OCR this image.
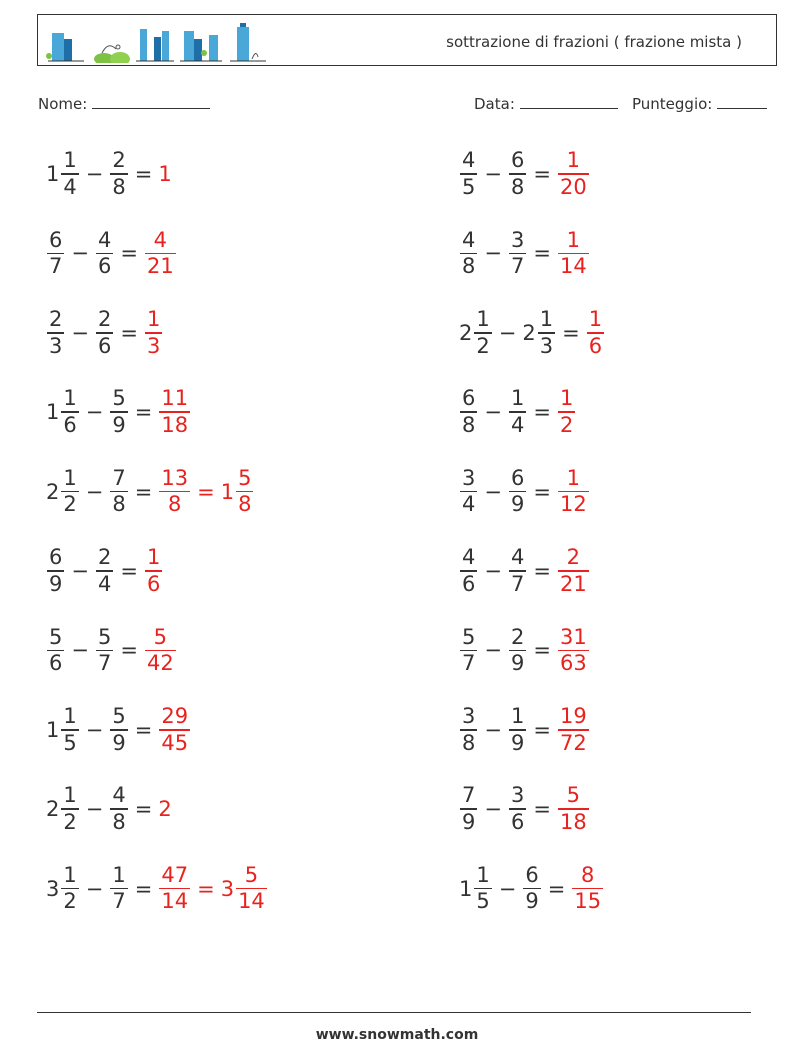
sottrazione di frazioni ( frazione mista )
Nome:	Data:	Punteggio:
$1 \frac{1}{4} - \frac{2}{8} = 1$	$\frac{4}{5} - \frac{6}{8} = \frac{1}{20}$
$\frac{6}{7} - \frac{4}{6} = \frac{4}{21}$	$\frac{4}{8} - \frac{3}{7} = \frac{1}{14}$
$\frac{2}{3} - \frac{2}{6} = \frac{1}{3}$	$2 \frac{1}{2} - 2 \frac{1}{3} = \frac{1}{6}$
$1 \frac{1}{6} - \frac{5}{9} = \frac{11}{18}$	$\frac{6}{8} - \frac{1}{4} = \frac{1}{2}$
$2 \frac{1}{2} - \frac{7}{8} = \frac{13}{8} = 1 \frac{5}{8}$	$\frac{3}{4} - \frac{6}{9} = \frac{1}{12}$
$\frac{6}{9} - \frac{2}{4} = \frac{1}{6}$	$\frac{4}{6} - \frac{4}{7} = \frac{2}{21}$
$\frac{5}{6} - \frac{5}{7} = \frac{5}{42}$	$\frac{5}{7} - \frac{2}{9} = \frac{31}{63}$
$1 \frac{1}{5} - \frac{5}{9} = \frac{29}{45}$	$\frac{3}{8} - \frac{1}{9} = \frac{19}{72}$
$2 \frac{1}{2} - \frac{4}{8} = 2$	$\frac{7}{9} - \frac{3}{6} = \frac{5}{18}$
$3 \frac{1}{2} - \frac{1}{7} = \frac{47}{14} = 3 \frac{5}{14}$	$1 \frac{1}{5} - \frac{6}{9} = \frac{8}{15}$
www.snowmath.com
